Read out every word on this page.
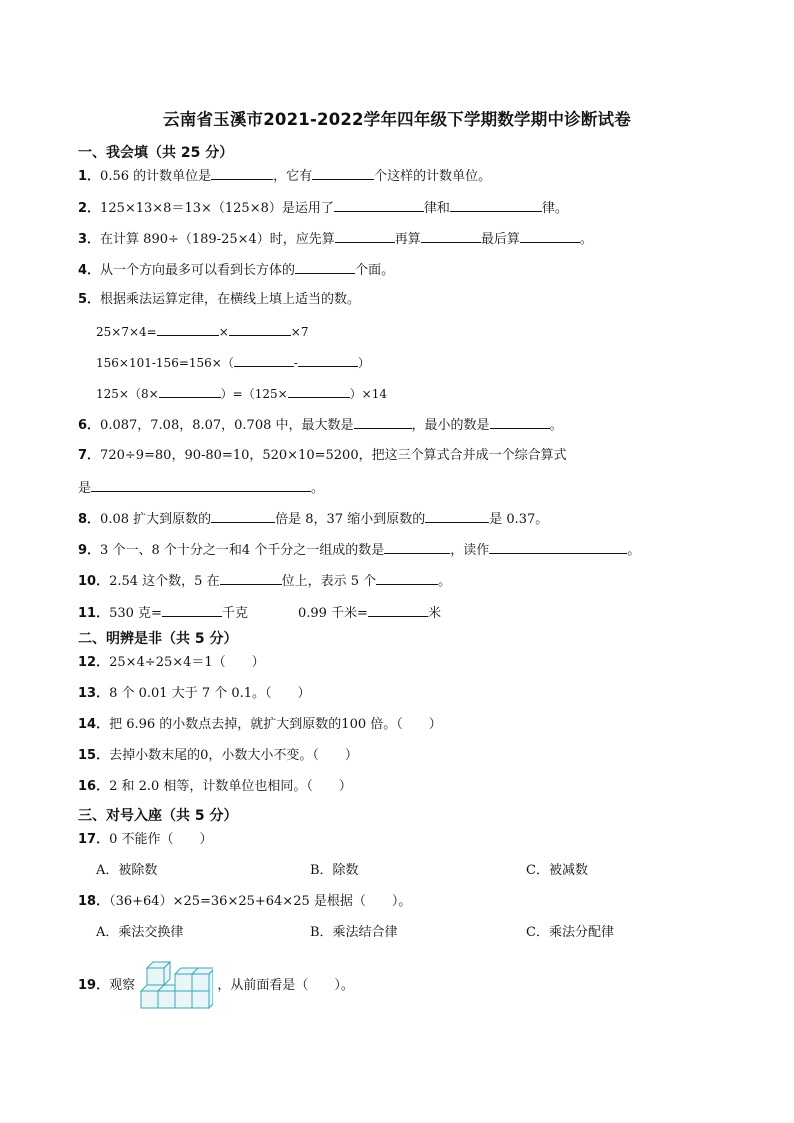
云南省玉溪市2021-2022学年四年级下学期数学期中诊断试卷
一、我会填（共 25 分）
1．0.56 的计数单位是	，它有	个这样的计数单位。
2．125×13×8＝13×（125×8）是运用了	律和	律。
3．在计算 890÷（189-25×4）时，应先算	再算	最后算	。
4．从一个方向最多可以看到长方体的	个面。
5．根据乘法运算定律，在横线上填上适当的数。
25×7×4=	×	×7
156×101-156=156×（	-	）
125×（8×	）=（125×	）×14
6．0.087，7.08，8.07，0.708 中，最大数是	，最小的数是	。
7．720÷9=80，90-80=10，520×10=5200，把这三个算式合并成一个综合算式
是	。
8．0.08 扩大到原数的	倍是 8，37 缩小到原数的	是 0.37。
9．3 个一、8 个十分之一和4 个千分之一组成的数是	，读作	。
10．2.54 这个数，5 在	位上，表示 5 个	。
11．530 克=	千克	0.99 千米=	米
二、明辨是非（共 5 分）
12．25×4÷25×4＝1（　　）
13．8 个 0.01 大于 7 个 0.1。（　　）
14．把 6.96 的小数点去掉，就扩大到原数的100 倍。（　　）
15．去掉小数末尾的0，小数大小不变。（　　）
16．2 和 2.0 相等，计数单位也相同。（　　）
三、对号入座（共 5 分）
17．0 不能作（　　）
A．被除数	B．除数	C．被减数
18．（36+64）×25=36×25+64×25 是根据（　　）。
A．乘法交换律	B．乘法结合律	C．乘法分配律
19．观察	，从前面看是（　　）。
